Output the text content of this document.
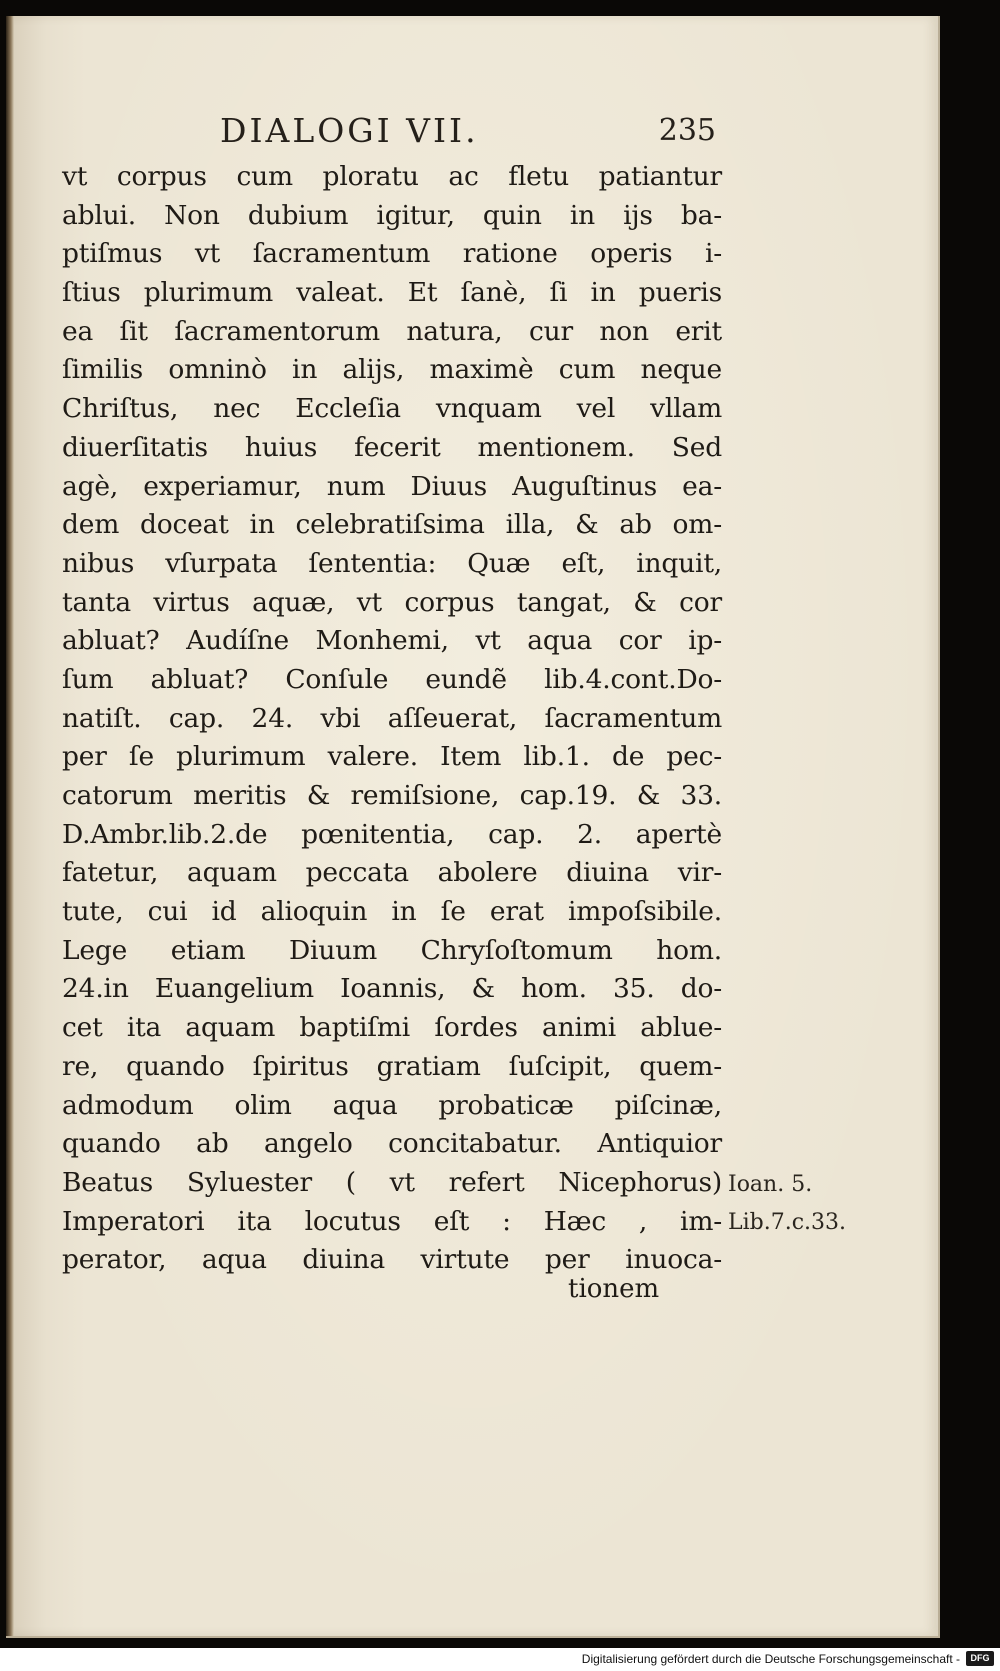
DIALOGI VII.	235
vt corpus cum ploratu ac fletu patiantur
ablui. Non dubium igitur, quin in ijs ba-
ptiſmus vt ſacramentum ratione operis i-
ſtius plurimum valeat. Et ſanè, ſi in pueris
ea ſit ſacramentorum natura, cur non erit
ſimilis omninò in alijs, maximè cum neque
Chriſtus, nec Eccleſia vnquam vel vllam
diuerſitatis huius fecerit mentionem. Sed
agè, experiamur, num Diuus Auguſtinus ea-
dem doceat in celebratiſsima illa, & ab om-
nibus vſurpata ſententia: Quæ eſt, inquit,
tanta virtus aquæ, vt corpus tangat, & cor
abluat? Audíſne Monhemi, vt aqua cor ip-
ſum abluat? Conſule eundẽ lib.4.cont.Do-
natiſt. cap. 24. vbi aſſeuerat, ſacramentum
per ſe plurimum valere. Item lib.1. de pec-
catorum meritis & remiſsione, cap.19. & 33.
D.Ambr.lib.2.de pœnitentia, cap. 2. apertè
fatetur, aquam peccata abolere diuina vir-
tute, cui id alioquin in ſe erat impoſsibile.
Lege etiam Diuum Chryſoſtomum hom.
24.in Euangelium Ioannis, & hom. 35. do-
cet ita aquam baptiſmi ſordes animi ablue-
re, quando ſpiritus gratiam ſuſcipit, quem-
admodum olim aqua probaticæ piſcinæ,
quando ab angelo concitabatur. Antiquior
Beatus Syluester ( vt refert Nicephorus)
Imperatori ita locutus eſt : Hæc , im-
perator, aqua diuina virtute per inuoca-
tionem
Ioan. 5.
Lib.7.c.33.
Digitalisierung gefördert durch die Deutsche Forschungsgemeinschaft -	DFG
